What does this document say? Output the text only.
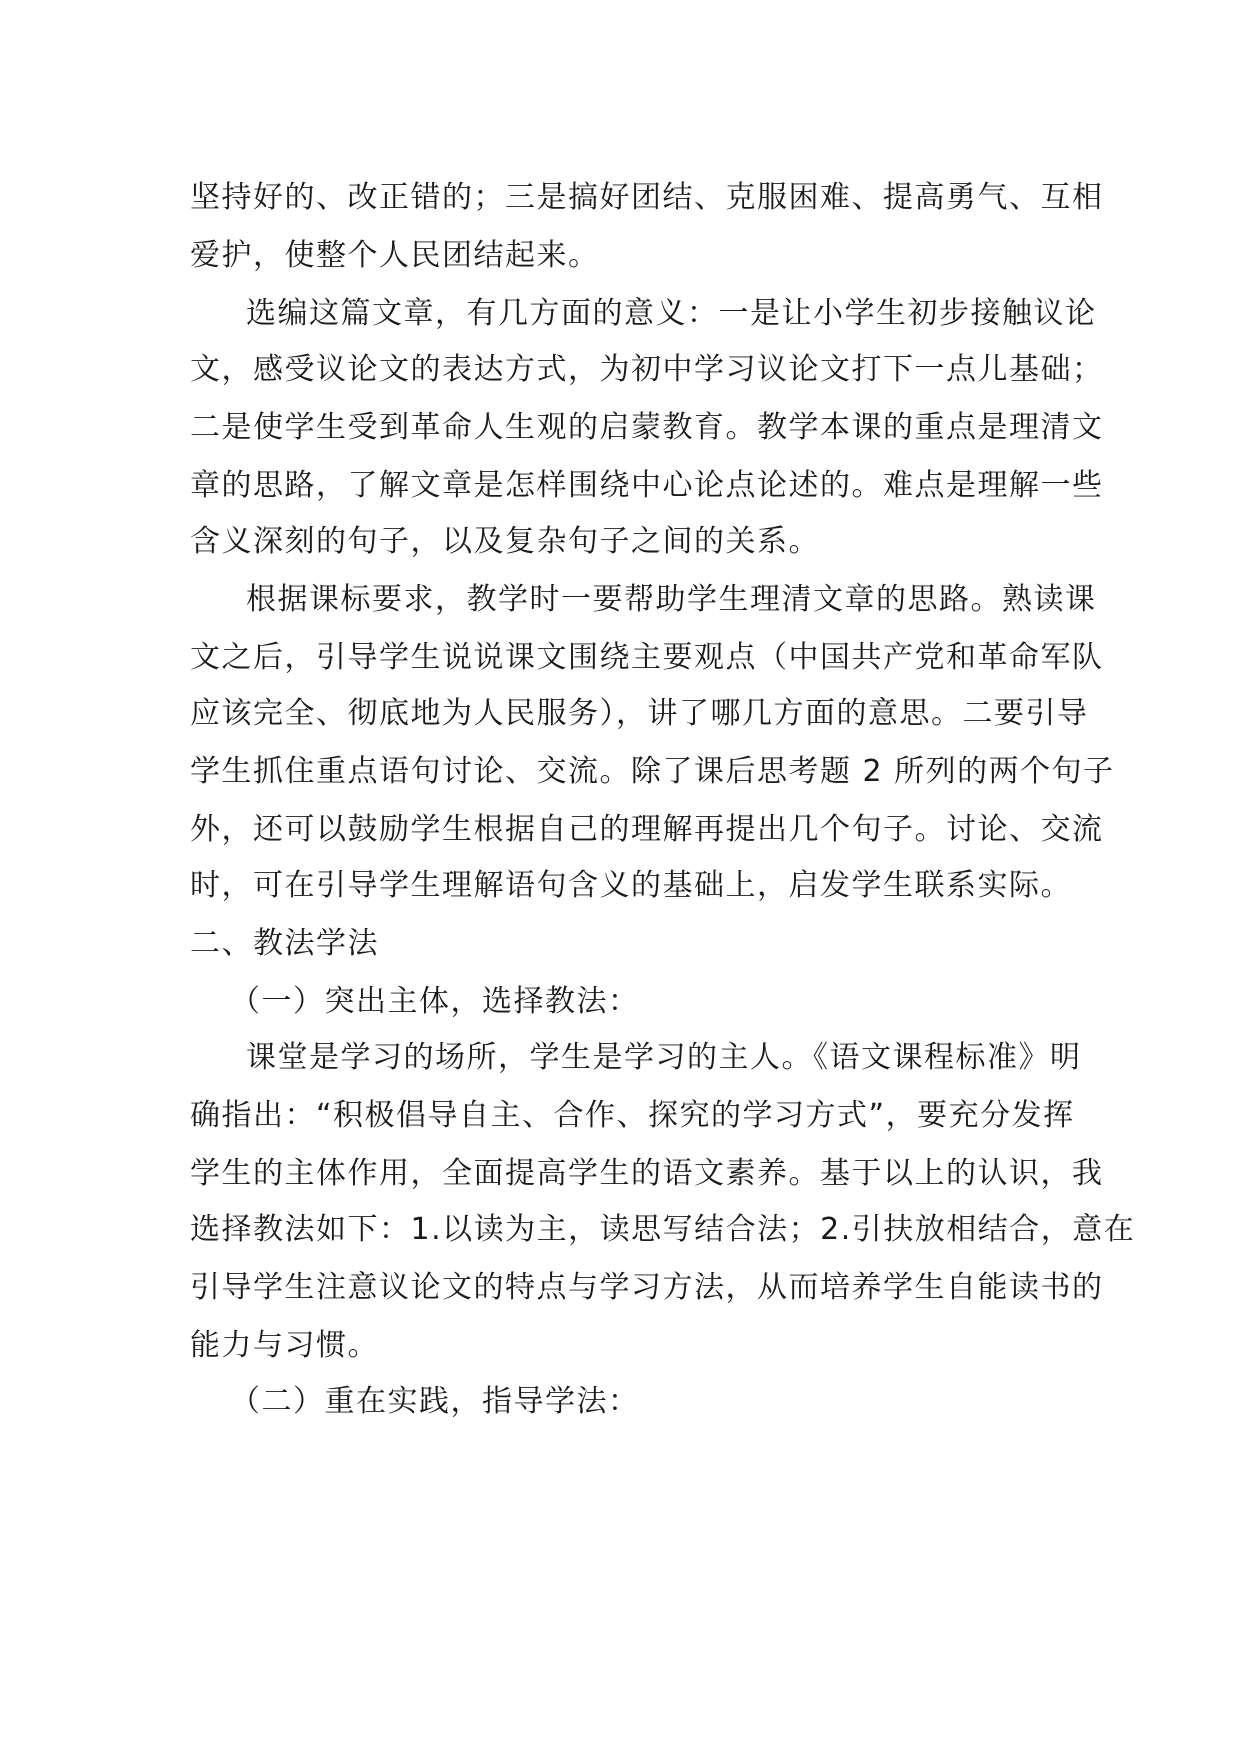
坚持好的、改正错的；三是搞好团结、克服困难、提高勇气、互相
爱护，使整个人民团结起来。
选编这篇文章，有几方面的意义：一是让小学生初步接触议论
文，感受议论文的表达方式，为初中学习议论文打下一点儿基础；
二是使学生受到革命人生观的启蒙教育。教学本课的重点是理清文
章的思路，了解文章是怎样围绕中心论点论述的。难点是理解一些
含义深刻的句子，以及复杂句子之间的关系。
根据课标要求，教学时一要帮助学生理清文章的思路。熟读课
文之后，引导学生说说课文围绕主要观点（中国共产党和革命军队
应该完全、彻底地为人民服务），讲了哪几方面的意思。二要引导
学生抓住重点语句讨论、交流。除了课后思考题 2 所列的两个句子
外，还可以鼓励学生根据自己的理解再提出几个句子。讨论、交流
时，可在引导学生理解语句含义的基础上，启发学生联系实际。
二、教法学法
（一）突出主体，选择教法：
课堂是学习的场所，学生是学习的主人。《语文课程标准》明
确指出：“积极倡导自主、合作、探究的学习方式”，要充分发挥
学生的主体作用，全面提高学生的语文素养。基于以上的认识，我
选择教法如下：1.以读为主，读思写结合法；2.引扶放相结合，意在
引导学生注意议论文的特点与学习方法，从而培养学生自能读书的
能力与习惯。
（二）重在实践，指导学法：
